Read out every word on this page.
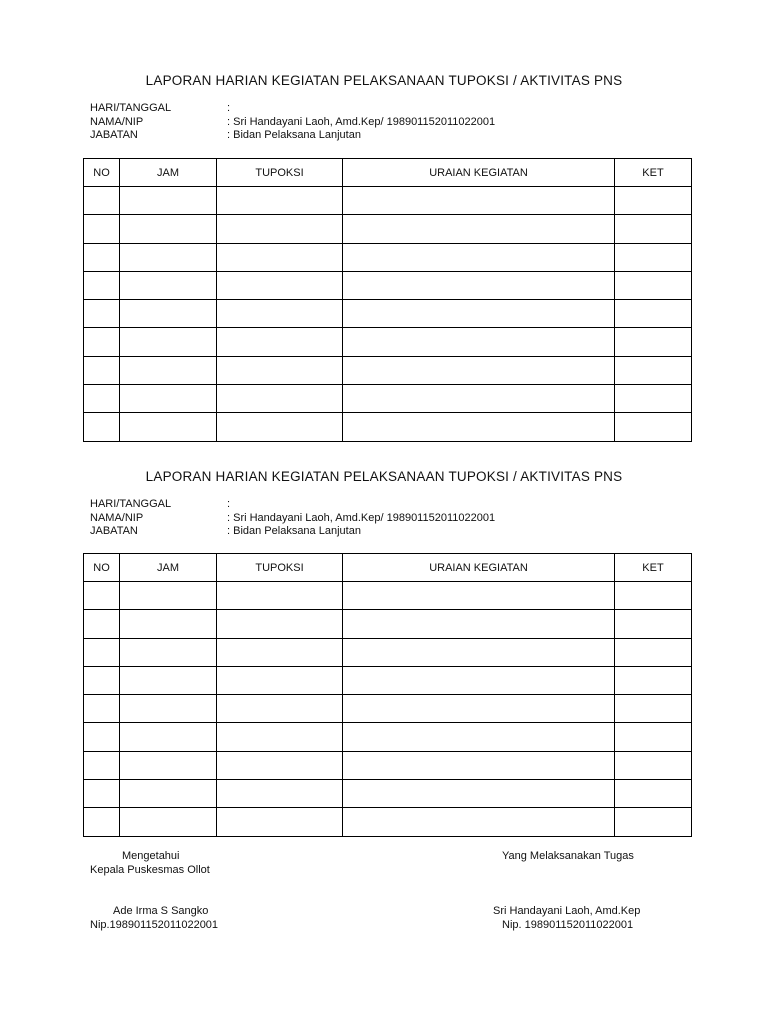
LAPORAN HARIAN KEGIATAN PELAKSANAAN TUPOKSI / AKTIVITAS PNS
HARI/TANGGAL	:
NAMA/NIP	: Sri Handayani Laoh, Amd.Kep/ 198901152011022001
JABATAN	: Bidan Pelaksana Lanjutan
NO	JAM	TUPOKSI	URAIAN KEGIATAN	KET

LAPORAN HARIAN KEGIATAN PELAKSANAAN TUPOKSI / AKTIVITAS PNS
HARI/TANGGAL	:
NAMA/NIP	: Sri Handayani Laoh, Amd.Kep/ 198901152011022001
JABATAN	: Bidan Pelaksana Lanjutan
NO	JAM	TUPOKSI	URAIAN KEGIATAN	KET

Mengetahui
Kepala Puskesmas Ollot
Yang Melaksanakan Tugas
Ade Irma S Sangko
Nip.198901152011022001
Sri Handayani Laoh, Amd.Kep
Nip. 198901152011022001
